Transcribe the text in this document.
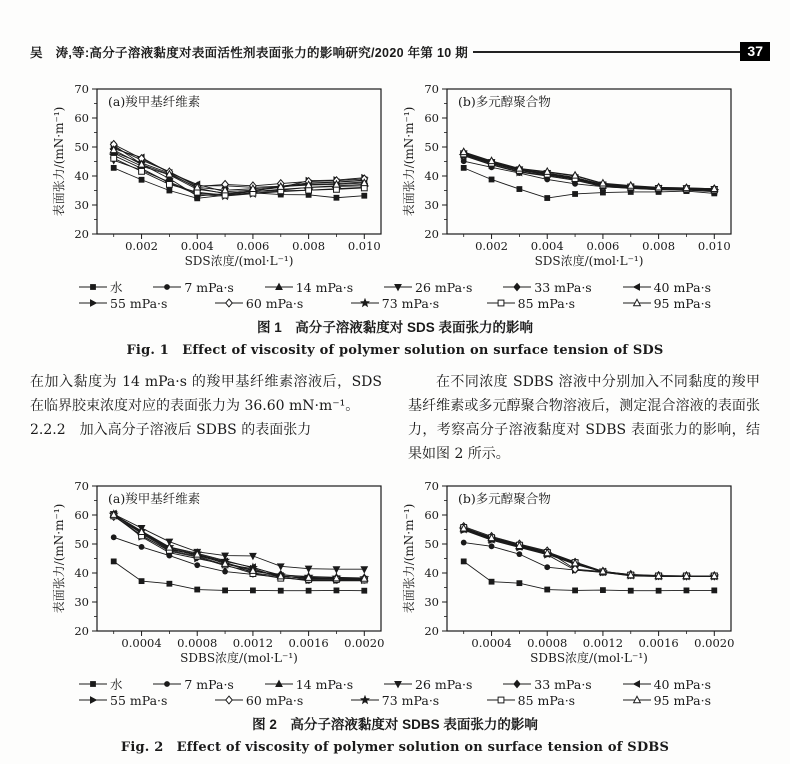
吴　涛,等:高分子溶液黏度对表面活性剂表面张力的影响研究/2020 年第 10 期	37
0.002 0.004 0.006 0.008 0.010
20
30
40
50
60
70
SDS浓度/(mol·L⁻¹)
表面张力/(mN·m⁻¹)
(a)羧甲基纤维素
0.002 0.004 0.006 0.008 0.010
20
30
40
50
60
70
SDS浓度/(mol·L⁻¹)
表面张力/(mN·m⁻¹)
(b)多元醇聚合物
水	7 mPa·s	14 mPa·s	26 mPa·s	33 mPa·s	40 mPa·s
55 mPa·s	60 mPa·s	73 mPa·s	85 mPa·s	95 mPa·s
图 1　高分子溶液黏度对 SDS 表面张力的影响
Fig. 1　Effect of viscosity of polymer solution on surface tension of SDS

在加入黏度为 14 mPa·s 的羧甲基纤维素溶液后，SDS 在临界胶束浓度对应的表面张力为 36.60 mN·m⁻¹。

2.2.2　加入高分子溶液后 SDBS 的表面张力

在不同浓度 SDBS 溶液中分别加入不同黏度的羧甲基纤维素或多元醇聚合物溶液后，测定混合溶液的表面张力，考察高分子溶液黏度对 SDBS 表面张力的影响，结果如图 2 所示。

0.0004 0.0008 0.0012 0.0016 0.0020
20
30
40
50
60
70
SDBS浓度/(mol·L⁻¹)
表面张力/(mN·m⁻¹)
(a)羧甲基纤维素
0.0004 0.0008 0.0012 0.0016 0.0020
20
30
40
50
60
70
SDBS浓度/(mol·L⁻¹)
表面张力/(mN·m⁻¹)
(b)多元醇聚合物
水	7 mPa·s	14 mPa·s	26 mPa·s	33 mPa·s	40 mPa·s
55 mPa·s	60 mPa·s	73 mPa·s	85 mPa·s	95 mPa·s
图 2　高分子溶液黏度对 SDBS 表面张力的影响
Fig. 2　Effect of viscosity of polymer solution on surface tension of SDBS
